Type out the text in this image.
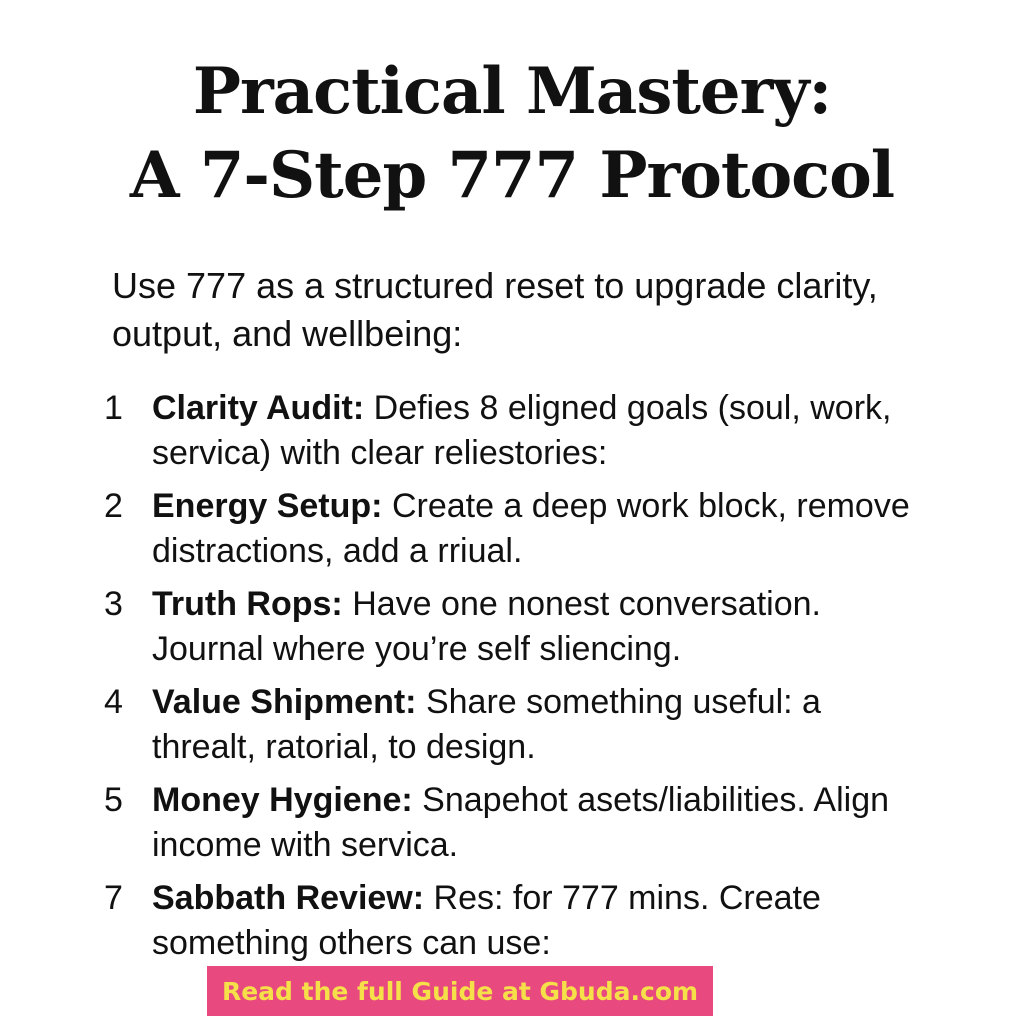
Practical Mastery:
A 7-Step 777 Protocol

Use 777 as a structured reset to upgrade clarity, output, and wellbeing:

1 Clarity Audit: Defies 8 eligned goals (soul, work, servica) with clear reliestories:
2 Energy Setup: Create a deep work block, remove distractions, add a rriual.
3 Truth Rops: Have one nonest conversation. Journal where you’re self sliencing.
4 Value Shipment: Share something useful: a threalt, ratorial, to design.
5 Money Hygiene: Snapehot asets/liabilities. Align income with servica.
7 Sabbath Review: Res: for 777 mins. Create something others can use:
Read the full Guide at Gbuda.com
